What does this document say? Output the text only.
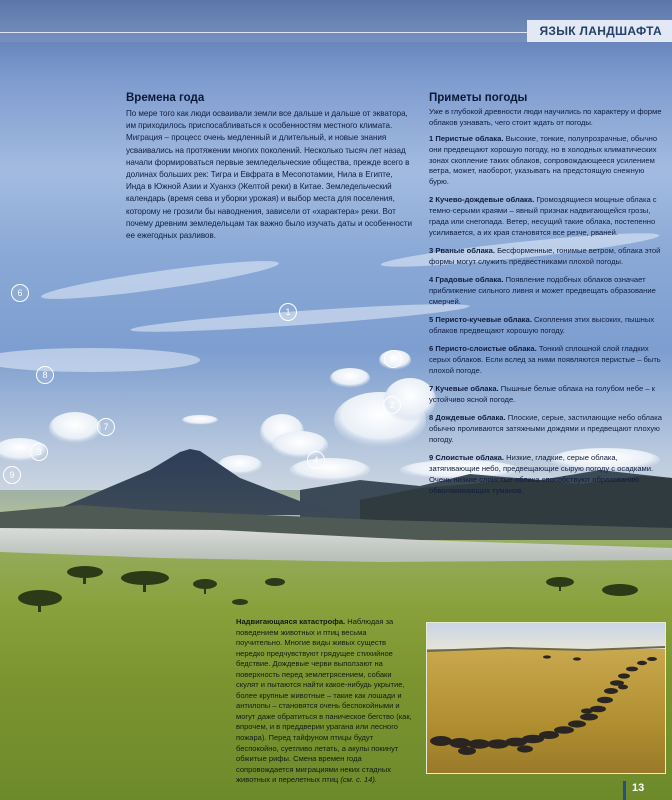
ЯЗЫК ЛАНДШАФТА
Времена года

По мере того как люди осваивали земли все дальше и дальше от экватора, им приходилось приспосабливаться к особенностям местного климата. Миграция – процесс очень медленный и длительный, и новые знания усваивались на протяжении многих поколений. Несколько тысяч лет назад начали формироваться первые земледельческие общества, прежде всего в долинах больших рек: Тигра и Евфрата в Месопотамии, Нила в Египте, Инда в Южной Азии и Хуанхэ (Желтой реки) в Китае. Земледельческий календарь (время сева и уборки урожая) и выбор места для поселения, которому не грозили бы наводнения, зависели от «характера» реки. Вот почему древним земледельцам так важно было изучать даты и особенности ее ежегодных разливов.

Приметы погоды

Уже в глубокой древности люди научились по характеру и форме облаков узнавать, чего стоит ждать от погоды.

1 Перистые облака. Высокие, тонкие, полупрозрачные, обычно они предвещают хорошую погоду, но в холодных климатических зонах скопление таких облаков, сопровождающееся усилением ветра, может, наоборот, указывать на предстоящую снежную бурю.
2 Кучево-дождевые облака. Громоздящиеся мощные облака с темно-серыми краями – явный признак надвигающейся грозы, града или снегопада. Ветер, несущий такие облака, постепенно усиливается, а их края становятся все резче, рваней.
3 Рваные облака. Бесформенные, гонимые ветром, облака этой формы могут служить предвестниками плохой погоды.
4 Градовые облака. Появление подобных облаков означает приближение сильного ливня и может предвещать образование смерчей.
5 Перисто-кучевые облака. Скопления этих высоких, пышных облаков предвещают хорошую погоду.
6 Перисто-слоистые облака. Тонкий сплошной слой гладких серых облаков. Если вслед за ними появляются перистые – быть плохой погоде.
7 Кучевые облака. Пышные белые облака на голубом небе – к устойчиво ясной погоде.
8 Дождевые облака. Плоские, серые, застилающие небо облака обычно проливаются затяжными дождями и предвещают плохую погоду.
9 Слоистые облака. Низкие, гладкие, серые облака, затягивающие небо, предвещающие сырую погоду с осадками. Очень низкие слоистые облака способствуют образованию обволакивающих туманов.
1
2
3
4
5
6
7
8
9

Надвигающаяся катастрофа. Наблюдая за поведением животных и птиц весьма поучительно. Многие виды живых существ нередко предчувствуют грядущее стихийное бедствие. Дождевые черви выползают на поверхность перед землетрясением, собаки скулят и пытаются найти какое-нибудь укрытие, более крупные животные – такие как лошади и антилопы – становятся очень беспокойными и могут даже обратиться в паническое бегство (как, впрочем, и в преддверии урагана или лесного пожара). Перед тайфуном птицы будут беспокойно, суетливо летать, а акулы покинут обжитые рифы. Смена времен года сопровождается миграциями неких стадных животных и перелетных птиц (см. с. 14).

13
